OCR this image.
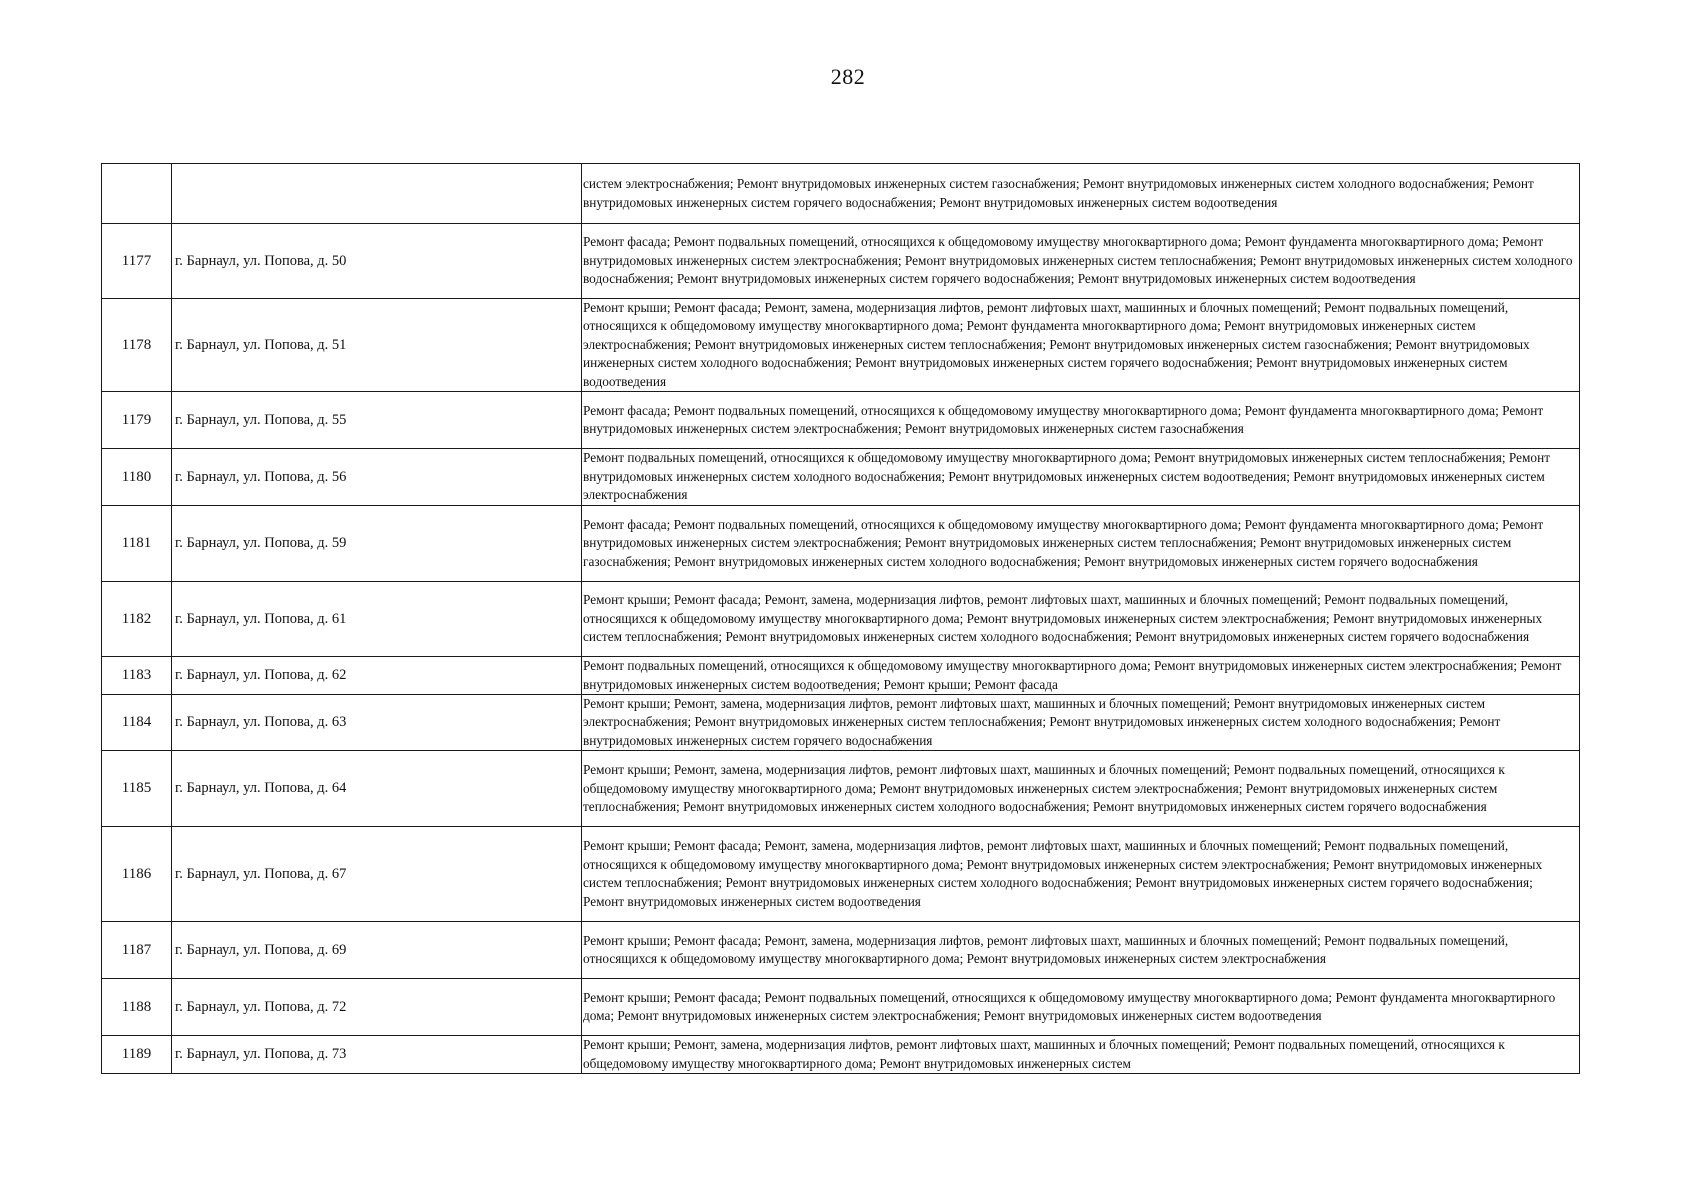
282
		систем электроснабжения; Ремонт внутридомовых инженерных систем газоснабжения; Ремонт внутридомовых инженерных систем холодного водоснабжения; Ремонт внутридомовых инженерных систем горячего водоснабжения; Ремонт внутридомовых инженерных систем водоотведения
1177	г. Барнаул, ул. Попова, д. 50	Ремонт фасада; Ремонт подвальных помещений, относящихся к общедомовому имуществу многоквартирного дома; Ремонт фундамента многоквартирного дома; Ремонт внутридомовых инженерных систем электроснабжения; Ремонт внутридомовых инженерных систем теплоснабжения; Ремонт внутридомовых инженерных систем холодного водоснабжения; Ремонт внутридомовых инженерных систем горячего водоснабжения; Ремонт внутридомовых инженерных систем водоотведения
1178	г. Барнаул, ул. Попова, д. 51	Ремонт крыши; Ремонт фасада; Ремонт, замена, модернизация лифтов, ремонт лифтовых шахт, машинных и блочных помещений; Ремонт подвальных помещений, относящихся к общедомовому имуществу многоквартирного дома; Ремонт фундамента многоквартирного дома; Ремонт внутридомовых инженерных систем электроснабжения; Ремонт внутридомовых инженерных систем теплоснабжения; Ремонт внутридомовых инженерных систем газоснабжения; Ремонт внутридомовых инженерных систем холодного водоснабжения; Ремонт внутридомовых инженерных систем горячего водоснабжения; Ремонт внутридомовых инженерных систем водоотведения
1179	г. Барнаул, ул. Попова, д. 55	Ремонт фасада; Ремонт подвальных помещений, относящихся к общедомовому имуществу многоквартирного дома; Ремонт фундамента многоквартирного дома; Ремонт внутридомовых инженерных систем электроснабжения; Ремонт внутридомовых инженерных систем газоснабжения
1180	г. Барнаул, ул. Попова, д. 56	Ремонт подвальных помещений, относящихся к общедомовому имуществу многоквартирного дома; Ремонт внутридомовых инженерных систем теплоснабжения; Ремонт внутридомовых инженерных систем холодного водоснабжения; Ремонт внутридомовых инженерных систем водоотведения; Ремонт внутридомовых инженерных систем электроснабжения
1181	г. Барнаул, ул. Попова, д. 59	Ремонт фасада; Ремонт подвальных помещений, относящихся к общедомовому имуществу многоквартирного дома; Ремонт фундамента многоквартирного дома; Ремонт внутридомовых инженерных систем электроснабжения; Ремонт внутридомовых инженерных систем теплоснабжения; Ремонт внутридомовых инженерных систем газоснабжения; Ремонт внутридомовых инженерных систем холодного водоснабжения; Ремонт внутридомовых инженерных систем горячего водоснабжения
1182	г. Барнаул, ул. Попова, д. 61	Ремонт крыши; Ремонт фасада; Ремонт, замена, модернизация лифтов, ремонт лифтовых шахт, машинных и блочных помещений; Ремонт подвальных помещений, относящихся к общедомовому имуществу многоквартирного дома; Ремонт внутридомовых инженерных систем электроснабжения; Ремонт внутридомовых инженерных систем теплоснабжения; Ремонт внутридомовых инженерных систем холодного водоснабжения; Ремонт внутридомовых инженерных систем горячего водоснабжения
1183	г. Барнаул, ул. Попова, д. 62	Ремонт подвальных помещений, относящихся к общедомовому имуществу многоквартирного дома; Ремонт внутридомовых инженерных систем электроснабжения; Ремонт внутридомовых инженерных систем водоотведения; Ремонт крыши; Ремонт фасада
1184	г. Барнаул, ул. Попова, д. 63	Ремонт крыши; Ремонт, замена, модернизация лифтов, ремонт лифтовых шахт, машинных и блочных помещений; Ремонт внутридомовых инженерных систем электроснабжения; Ремонт внутридомовых инженерных систем теплоснабжения; Ремонт внутридомовых инженерных систем холодного водоснабжения; Ремонт внутридомовых инженерных систем горячего водоснабжения
1185	г. Барнаул, ул. Попова, д. 64	Ремонт крыши; Ремонт, замена, модернизация лифтов, ремонт лифтовых шахт, машинных и блочных помещений; Ремонт подвальных помещений, относящихся к общедомовому имуществу многоквартирного дома; Ремонт внутридомовых инженерных систем электроснабжения; Ремонт внутридомовых инженерных систем теплоснабжения; Ремонт внутридомовых инженерных систем холодного водоснабжения; Ремонт внутридомовых инженерных систем горячего водоснабжения
1186	г. Барнаул, ул. Попова, д. 67	Ремонт крыши; Ремонт фасада; Ремонт, замена, модернизация лифтов, ремонт лифтовых шахт, машинных и блочных помещений; Ремонт подвальных помещений, относящихся к общедомовому имуществу многоквартирного дома; Ремонт внутридомовых инженерных систем электроснабжения; Ремонт внутридомовых инженерных систем теплоснабжения; Ремонт внутридомовых инженерных систем холодного водоснабжения; Ремонт внутридомовых инженерных систем горячего водоснабжения; Ремонт внутридомовых инженерных систем водоотведения
1187	г. Барнаул, ул. Попова, д. 69	Ремонт крыши; Ремонт фасада; Ремонт, замена, модернизация лифтов, ремонт лифтовых шахт, машинных и блочных помещений; Ремонт подвальных помещений, относящихся к общедомовому имуществу многоквартирного дома; Ремонт внутридомовых инженерных систем электроснабжения
1188	г. Барнаул, ул. Попова, д. 72	Ремонт крыши; Ремонт фасада; Ремонт подвальных помещений, относящихся к общедомовому имуществу многоквартирного дома; Ремонт фундамента многоквартирного дома; Ремонт внутридомовых инженерных систем электроснабжения; Ремонт внутридомовых инженерных систем водоотведения
1189	г. Барнаул, ул. Попова, д. 73	Ремонт крыши; Ремонт, замена, модернизация лифтов, ремонт лифтовых шахт, машинных и блочных помещений; Ремонт подвальных помещений, относящихся к общедомовому имуществу многоквартирного дома; Ремонт внутридомовых инженерных систем
